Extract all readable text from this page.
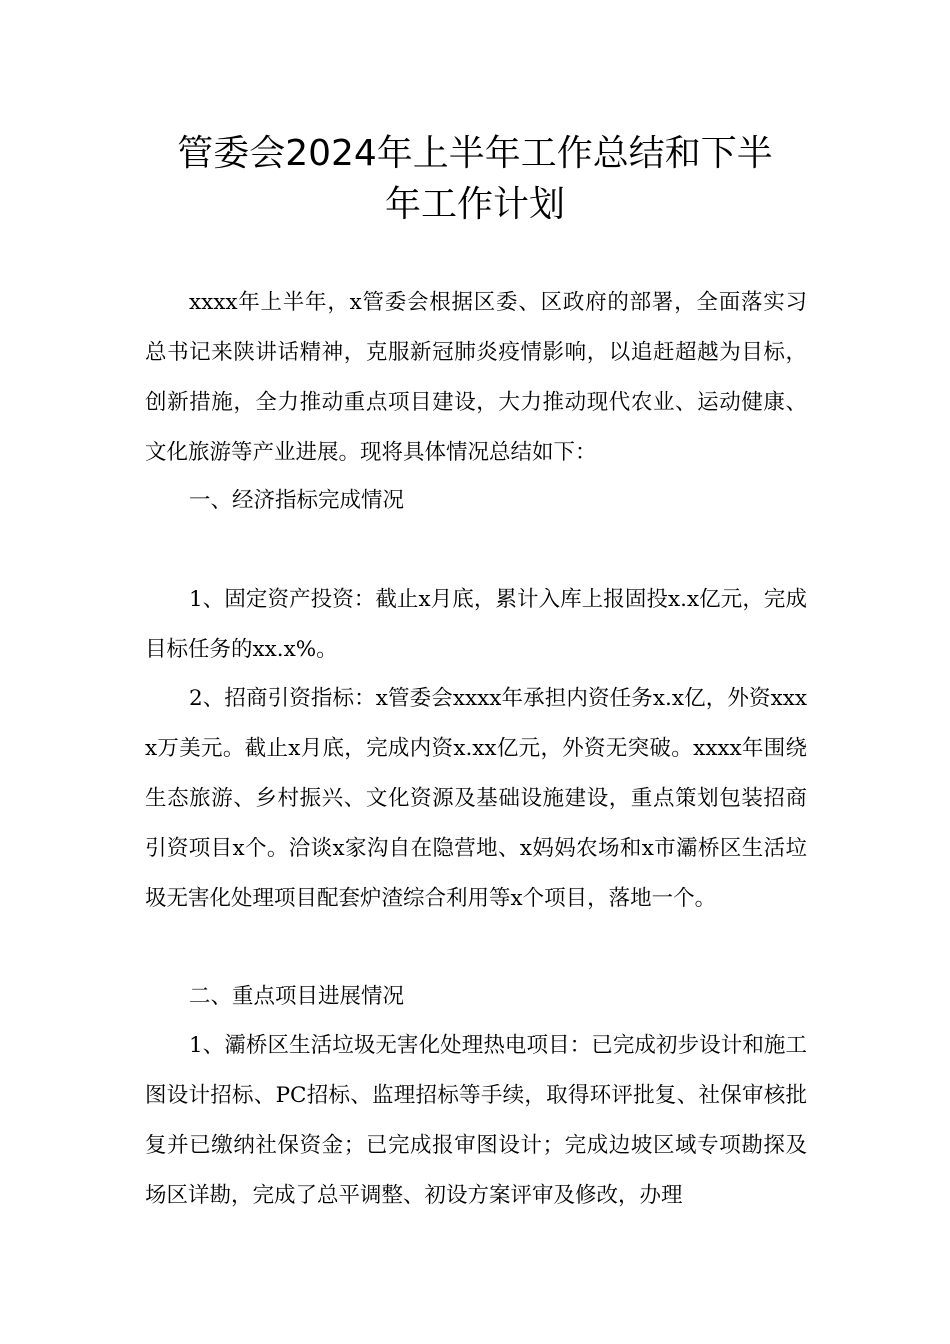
管委会2024年上半年工作总结和下半
年工作计划

xxxx年上半年，x管委会根据区委、区政府的部署，全面落实习总书记来陕讲话精神，克服新冠肺炎疫情影响，以追赶超越为目标，创新措施，全力推动重点项目建设，大力推动现代农业、运动健康、文化旅游等产业进展。现将具体情况总结如下：

一、经济指标完成情况

1、固定资产投资：截止x月底，累计入库上报固投x.x亿元，完成目标任务的xx.x%。

2、招商引资指标：x管委会xxxx年承担内资任务x.x亿，外资xxxx万美元。截止x月底，完成内资x.xx亿元，外资无突破。xxxx年围绕生态旅游、乡村振兴、文化资源及基础设施建设，重点策划包装招商引资项目x个。洽谈x家沟自在隐营地、x妈妈农场和x市灞桥区生活垃圾无害化处理项目配套炉渣综合利用等x个项目，落地一个。

二、重点项目进展情况

1、灞桥区生活垃圾无害化处理热电项目：已完成初步设计和施工图设计招标、PC招标、监理招标等手续，取得环评批复、社保审核批复并已缴纳社保资金；已完成报审图设计；完成边坡区域专项勘探及场区详勘，完成了总平调整、初设方案评审及修改，办理
